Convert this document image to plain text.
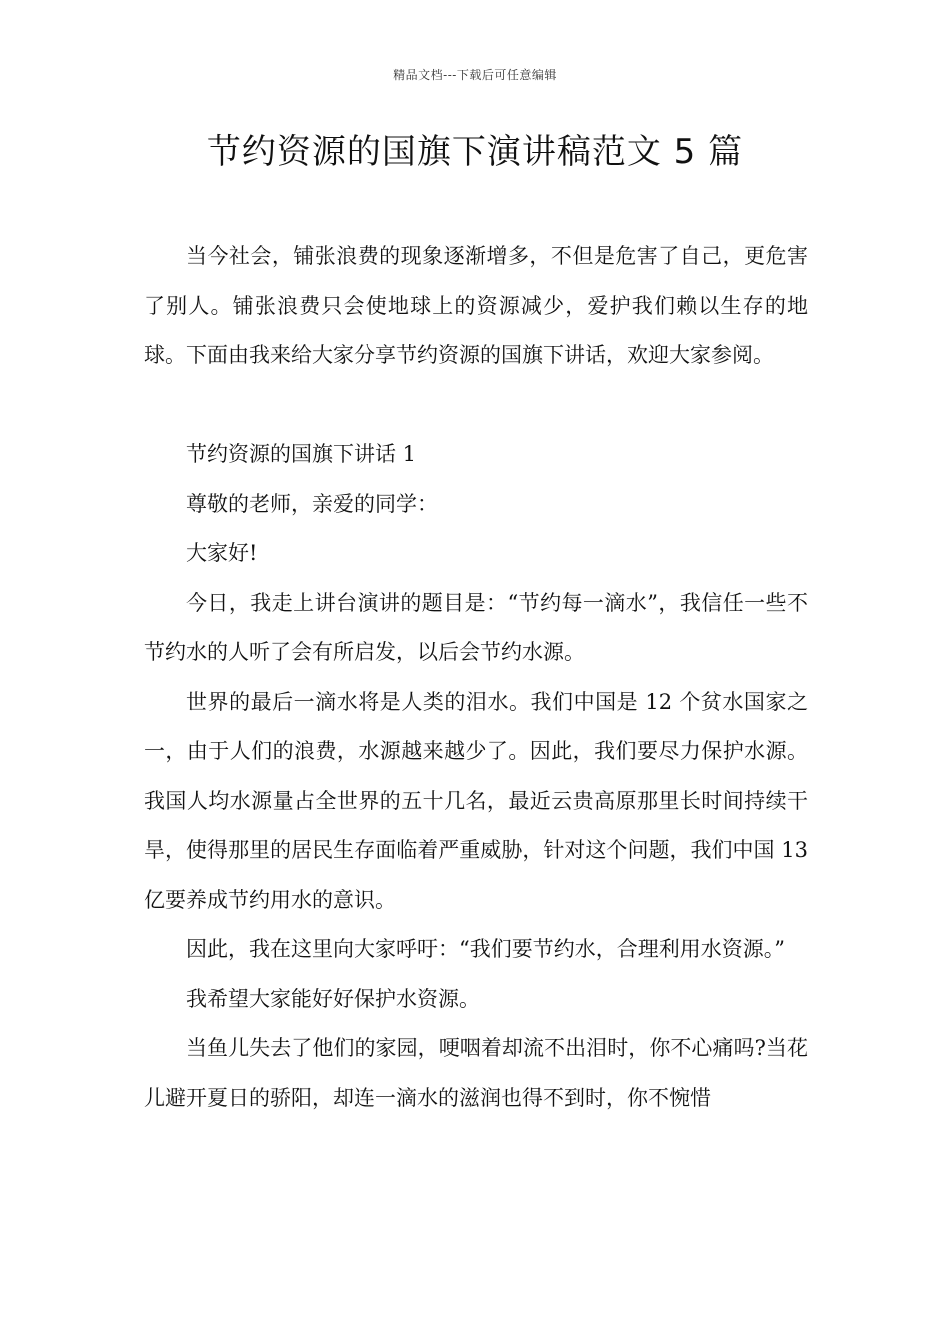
精品文档---下载后可任意编辑
节约资源的国旗下演讲稿范文 5 篇

当今社会，铺张浪费的现象逐渐增多，不但是危害了自己，更危害了别人。铺张浪费只会使地球上的资源减少，爱护我们赖以生存的地球。下面由我来给大家分享节约资源的国旗下讲话，欢迎大家参阅。

节约资源的国旗下讲话 1

尊敬的老师，亲爱的同学：

大家好!

今日，我走上讲台演讲的题目是：“节约每一滴水”，我信任一些不节约水的人听了会有所启发，以后会节约水源。

世界的最后一滴水将是人类的泪水。我们中国是 12 个贫水国家之一，由于人们的浪费，水源越来越少了。因此，我们要尽力保护水源。我国人均水源量占全世界的五十几名，最近云贵高原那里长时间持续干旱，使得那里的居民生存面临着严重威胁，针对这个问题，我们中国 13 亿要养成节约用水的意识。

因此，我在这里向大家呼吁：“我们要节约水，合理利用水资源。”

我希望大家能好好保护水资源。

当鱼儿失去了他们的家园，哽咽着却流不出泪时，你不心痛吗?当花儿避开夏日的骄阳，却连一滴水的滋润也得不到时，你不惋惜
